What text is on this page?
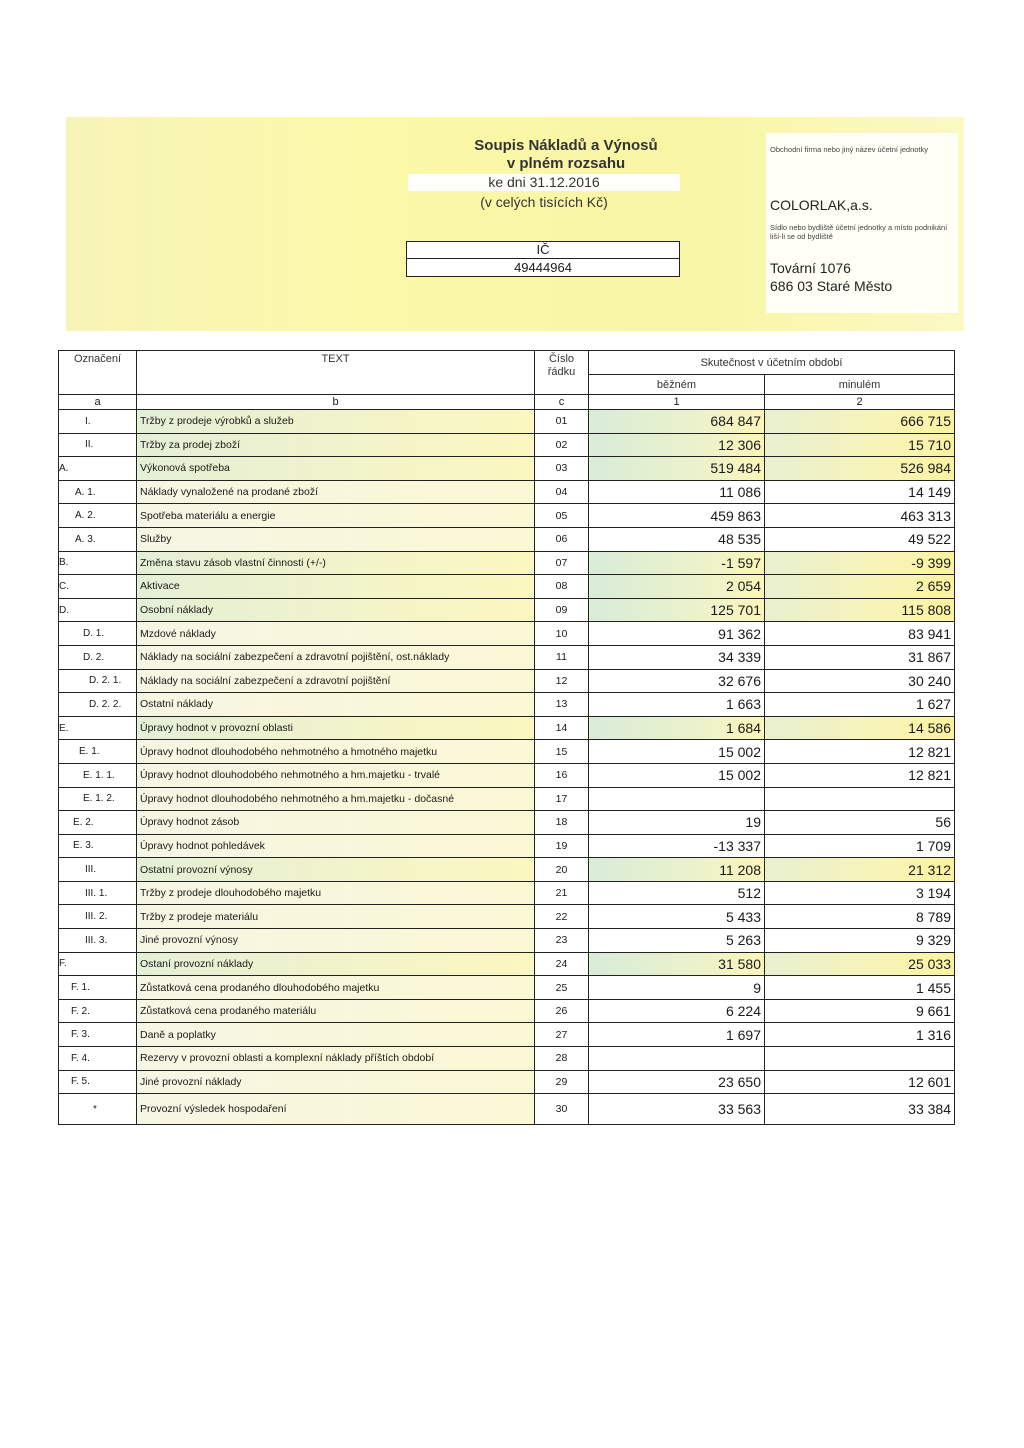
Soupis Nákladů a Výnosů
v plném rozsahu
ke dni 31.12.2016
(v celých tisících Kč)
IČ
49444964
Obchodní firma nebo jiný název účetní jednotky
COLORLAK,a.s.
Sídlo nebo bydliště účetní jednotky a místo podnikání liší-li se od bydliště
Tovární 1076
686 03 Staré Město
Označení	TEXT	Číslo řádku	Skutečnost v účetním období	
			běžném	minulém
a	b	c	1	2
I.	Tržby z prodeje výrobků a služeb	01	684 847	666 715
II.	Tržby za prodej zboží	02	12 306	15 710
A.	Výkonová spotřeba	03	519 484	526 984
A. 1.	Náklady vynaložené na prodané zboží	04	11 086	14 149
A. 2.	Spotřeba materiálu a energie	05	459 863	463 313
A. 3.	Služby	06	48 535	49 522
B.	Změna stavu zásob vlastní činnosti (+/-)	07	-1 597	-9 399
C.	Aktivace	08	2 054	2 659
D.	Osobní náklady	09	125 701	115 808
D. 1.	Mzdové náklady	10	91 362	83 941
D. 2.	Náklady na sociální zabezpečení a zdravotní pojištění, ost.náklady	11	34 339	31 867
D. 2. 1.	Náklady na sociální zabezpečení a zdravotní pojištění	12	32 676	30 240
D. 2. 2.	Ostatní náklady	13	1 663	1 627
E.	Úpravy hodnot v provozní oblasti	14	1 684	14 586
E. 1.	Úpravy hodnot dlouhodobého nehmotného a hmotného majetku	15	15 002	12 821
E. 1. 1.	Úpravy hodnot dlouhodobého nehmotného a hm.majetku - trvalé	16	15 002	12 821
E. 1. 2.	Úpravy hodnot dlouhodobého nehmotného a hm.majetku - dočasné	17		
E. 2.	Úpravy hodnot zásob	18	19	56
E. 3.	Úpravy hodnot pohledávek	19	-13 337	1 709
III.	Ostatní provozní výnosy	20	11 208	21 312
III. 1.	Tržby z prodeje dlouhodobého majetku	21	512	3 194
III. 2.	Tržby z prodeje materiálu	22	5 433	8 789
III. 3.	Jiné provozní výnosy	23	5 263	9 329
F.	Ostaní provozní náklady	24	31 580	25 033
F. 1.	Zůstatková cena prodaného dlouhodobého majetku	25	9	1 455
F. 2.	Zůstatková cena prodaného materiálu	26	6 224	9 661
F. 3.	Daně a poplatky	27	1 697	1 316
F. 4.	Rezervy v provozní oblasti a komplexní náklady příštích období	28		
F. 5.	Jiné provozní náklady	29	23 650	12 601
*	Provozní výsledek hospodaření	30	33 563	33 384
